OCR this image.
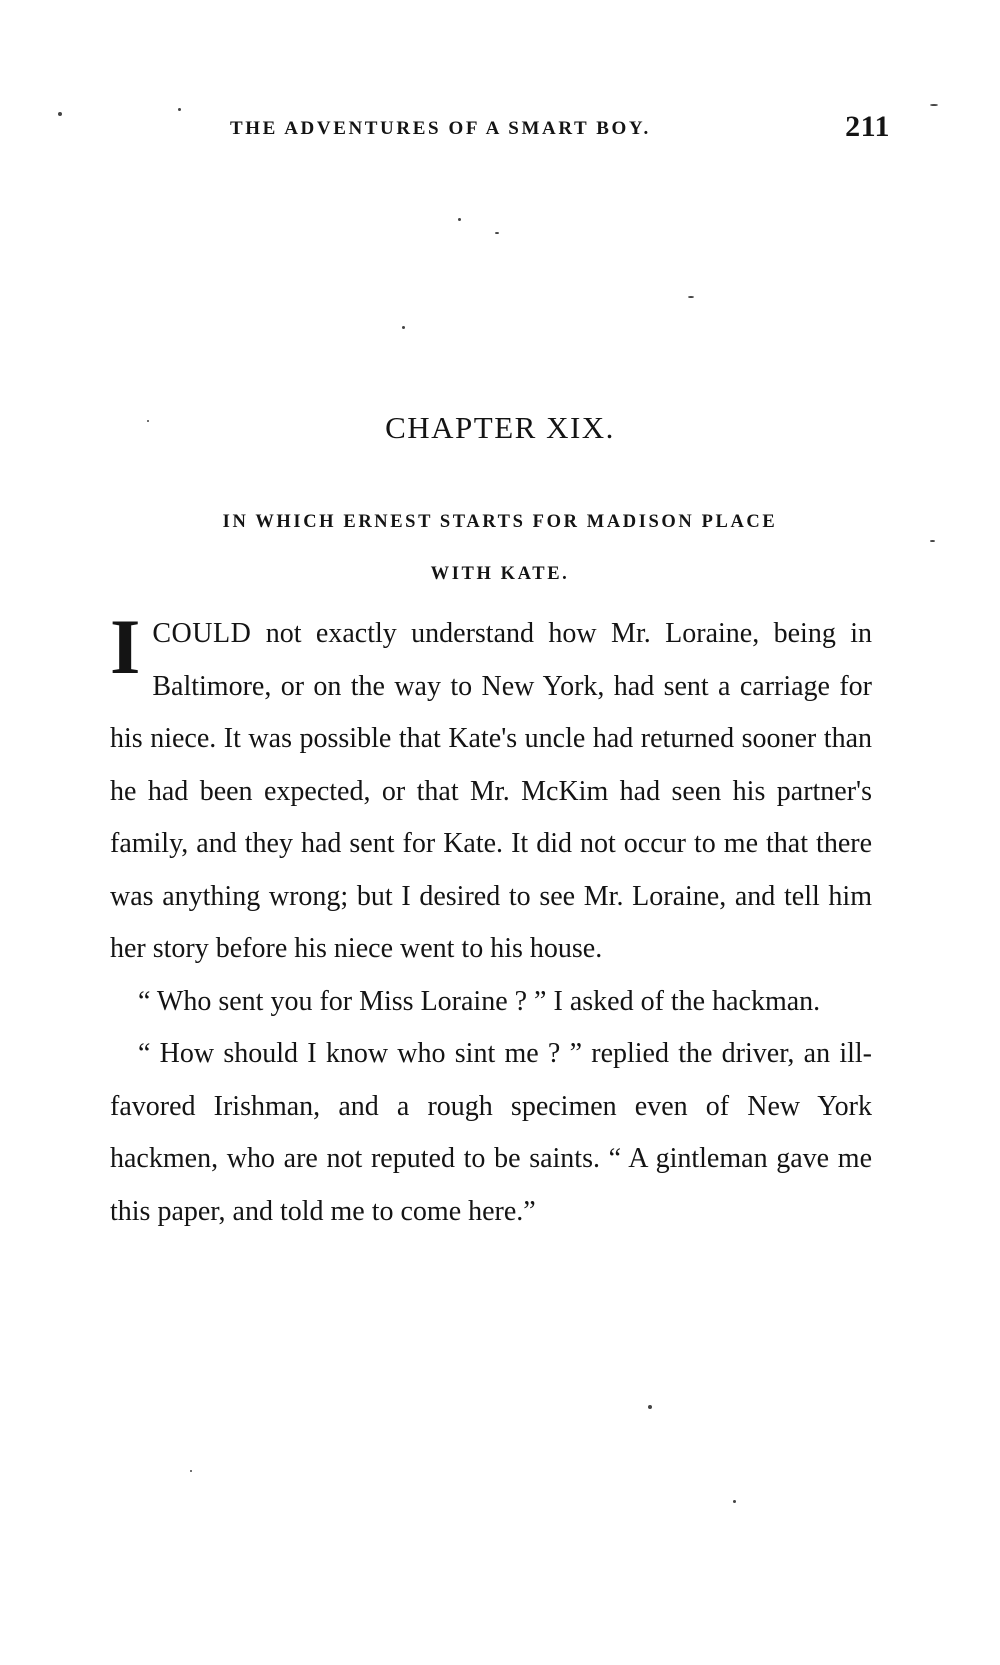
THE ADVENTURES OF A SMART BOY.	211
CHAPTER XIX.
IN WHICH ERNEST STARTS FOR MADISON PLACE
WITH KATE.

ICOULD not exactly understand how Mr. Loraine, being in Baltimore, or on the way to New York, had sent a carriage for his niece. It was possible that Kate's uncle had returned sooner than he had been expected, or that Mr. McKim had seen his partner's family, and they had sent for Kate. It did not occur to me that there was anything wrong; but I desired to see Mr. Loraine, and tell him her story before his niece went to his house.

“ Who sent you for Miss Loraine ? ” I asked of the hackman.

“ How should I know who sint me ? ” replied the driver, an ill-favored Irishman, and a rough specimen even of New York hackmen, who are not reputed to be saints. “ A gintleman gave me this paper, and told me to come here.”
